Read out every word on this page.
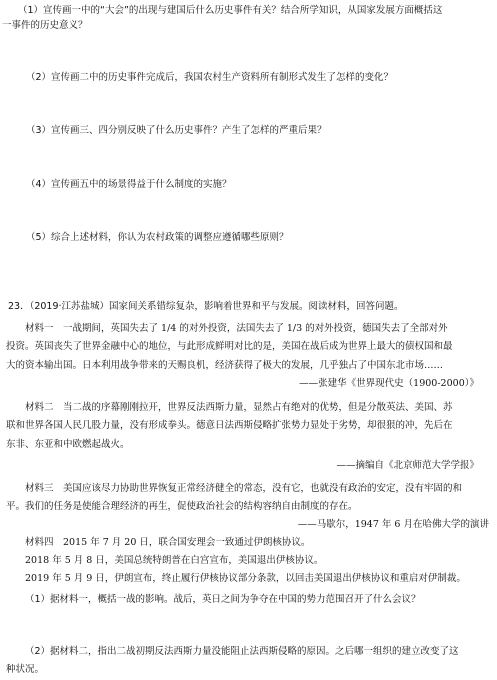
（1）宣传画一中的“大会”的出现与建国后什么历史事件有关？结合所学知识，从国家发展方面概括这
一事件的历史意义？
（2）宣传画二中的历史事件完成后，我国农村生产资料所有制形式发生了怎样的变化？
（3）宣传画三、四分别反映了什么历史事件？产生了怎样的严重后果？
（4）宣传画五中的场景得益于什么制度的实施？
（5）综合上述材料，你认为农村政策的调整应遵循哪些原则？
23．（2019·江苏盐城）国家间关系错综复杂，影响着世界和平与发展。阅读材料，回答问题。
材料一　一战期间，英国失去了 1/4 的对外投资，法国失去了 1/3 的对外投资，德国失去了全部对外
投资。英国丧失了世界金融中心的地位，与此形成鲜明对比的是，美国在战后成为世界上最大的债权国和最
大的资本输出国。日本利用战争带来的天赐良机，经济获得了极大的发展，几乎独占了中国东北市场……
——张建华《世界现代史（1900-2000）》
材料二　当二战的序幕刚刚拉开，世界反法西斯力量，显然占有绝对的优势，但是分散英法、美国、苏
联和世界各国人民几股力量，没有形成拳头。德意日法西斯侵略扩张势力显处于劣势，却很狠的冲，先后在
东非、东亚和中欧燃起战火。
——摘编自《北京师范大学学报》
材料三　美国应该尽力协助世界恢复正常经济健全的常态，没有它，也就没有政治的安定，没有牢固的和
平。我们的任务是使能合理经济的再生，促使政治社会的结构容纳自由制度的存在。
——马歇尔，1947 年 6 月在哈佛大学的演讲
材料四　2015 年 7 月 20 日，联合国安理会一致通过伊朗核协议。
2018 年 5 月 8 日，美国总统特朗普在白宫宣布，美国退出伊核协议。
2019 年 5 月 9 日，伊朗宣布，终止履行伊核协议部分条款，以回击美国退出伊核协议和重启对伊制裁。
（1）据材料一，概括一战的影响。战后，英日之间为争夺在中国的势力范围召开了什么会议？
（2）据材料二，指出二战初期反法西斯力量没能阻止法西斯侵略的原因。之后哪一组织的建立改变了这
种状况。
